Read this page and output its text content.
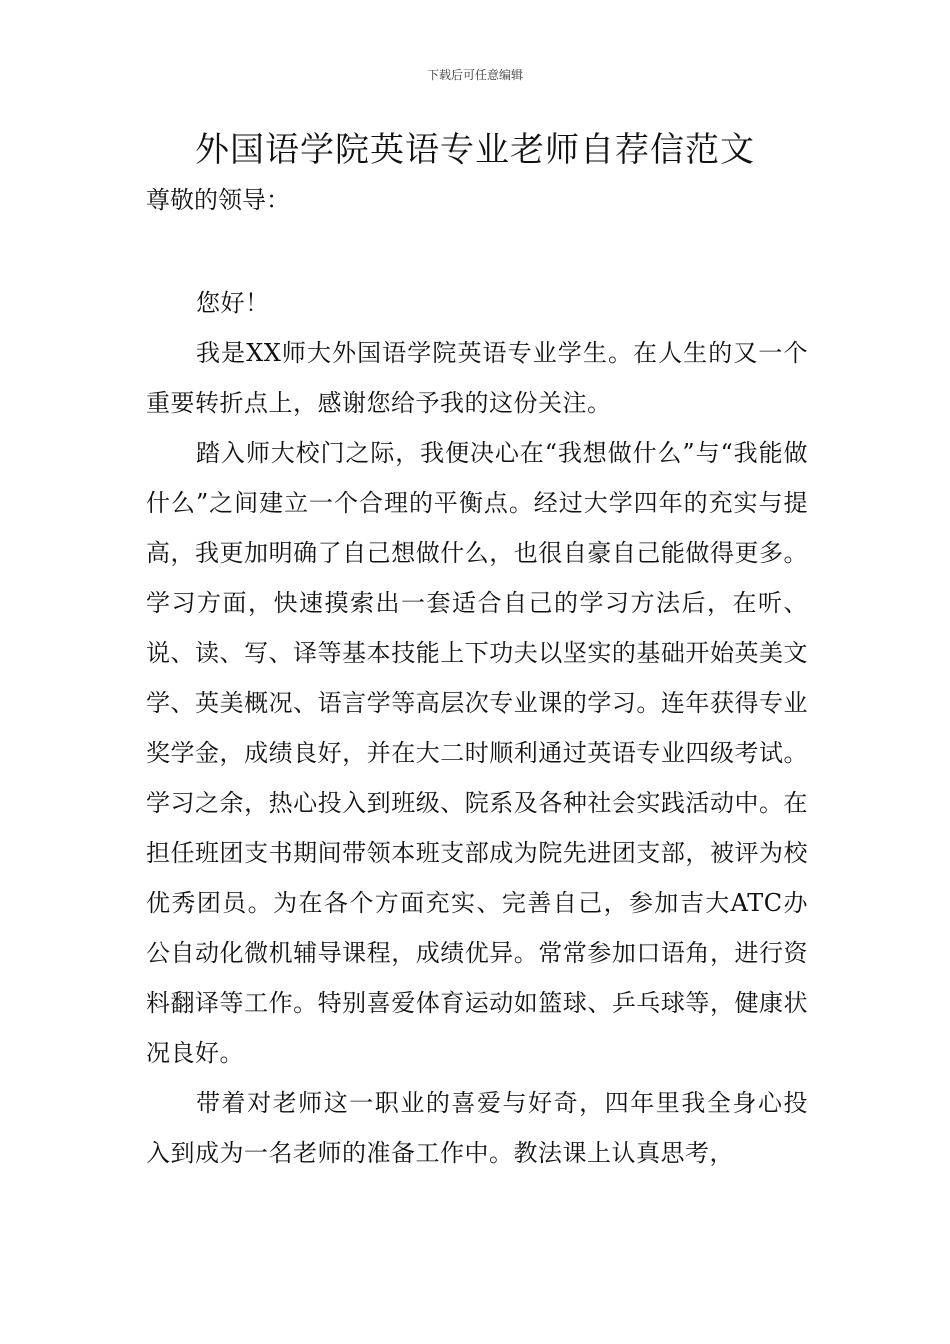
下载后可任意编辑
外国语学院英语专业老师自荐信范文
尊敬的领导：

您好！

我是XX师大外国语学院英语专业学生。在人生的又一个重要转折点上，感谢您给予我的这份关注。

踏入师大校门之际，我便决心在“我想做什么”与“我能做什么”之间建立一个合理的平衡点。经过大学四年的充实与提高，我更加明确了自己想做什么，也很自豪自己能做得更多。学习方面，快速摸索出一套适合自己的学习方法后，在听、说、读、写、译等基本技能上下功夫以坚实的基础开始英美文学、英美概况、语言学等高层次专业课的学习。连年获得专业奖学金，成绩良好，并在大二时顺利通过英语专业四级考试。学习之余，热心投入到班级、院系及各种社会实践活动中。在担任班团支书期间带领本班支部成为院先进团支部，被评为校优秀团员。为在各个方面充实、完善自己，参加吉大ATC办公自动化微机辅导课程，成绩优异。常常参加口语角，进行资料翻译等工作。特别喜爱体育运动如篮球、乒乓球等，健康状况良好。

带着对老师这一职业的喜爱与好奇，四年里我全身心投入到成为一名老师的准备工作中。教法课上认真思考，
